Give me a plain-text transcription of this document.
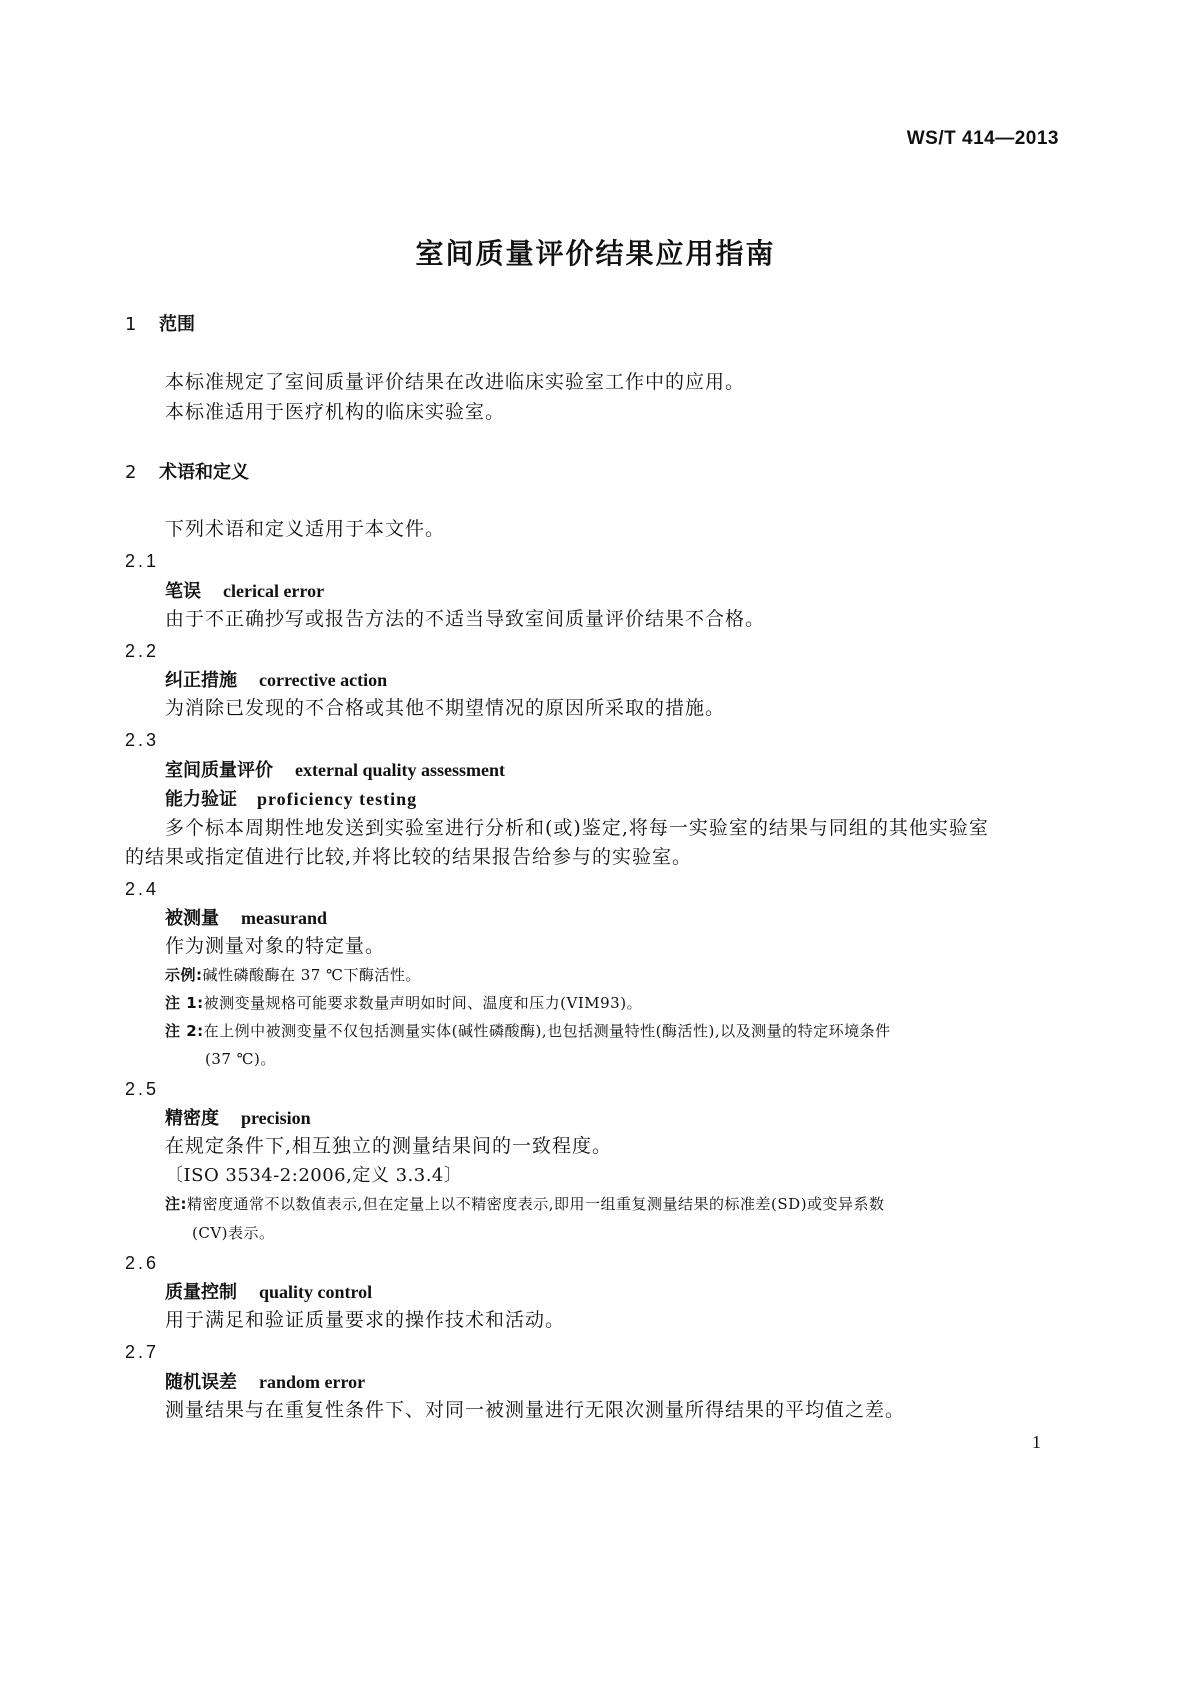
WS/T 414—2013
室间质量评价结果应用指南
1 范围
本标准规定了室间质量评价结果在改进临床实验室工作中的应用。
本标准适用于医疗机构的临床实验室。
2 术语和定义
下列术语和定义适用于本文件。
2.1
笔误 clerical error
由于不正确抄写或报告方法的不适当导致室间质量评价结果不合格。
2.2
纠正措施 corrective action
为消除已发现的不合格或其他不期望情况的原因所采取的措施。
2.3
室间质量评价 external quality assessment
能力验证 proficiency testing
多个标本周期性地发送到实验室进行分析和(或)鉴定,将每一实验室的结果与同组的其他实验室
的结果或指定值进行比较,并将比较的结果报告给参与的实验室。
2.4
被测量 measurand
作为测量对象的特定量。
示例:碱性磷酸酶在 37 ℃下酶活性。
注 1:被测变量规格可能要求数量声明如时间、温度和压力(VIM93)。
注 2:在上例中被测变量不仅包括测量实体(碱性磷酸酶),也包括测量特性(酶活性),以及测量的特定环境条件
(37 ℃)。
2.5
精密度 precision
在规定条件下,相互独立的测量结果间的一致程度。
〔ISO 3534-2:2006,定义 3.3.4〕
注:精密度通常不以数值表示,但在定量上以不精密度表示,即用一组重复测量结果的标准差(SD)或变异系数
(CV)表示。
2.6
质量控制 quality control
用于满足和验证质量要求的操作技术和活动。
2.7
随机误差 random error
测量结果与在重复性条件下、对同一被测量进行无限次测量所得结果的平均值之差。
1
